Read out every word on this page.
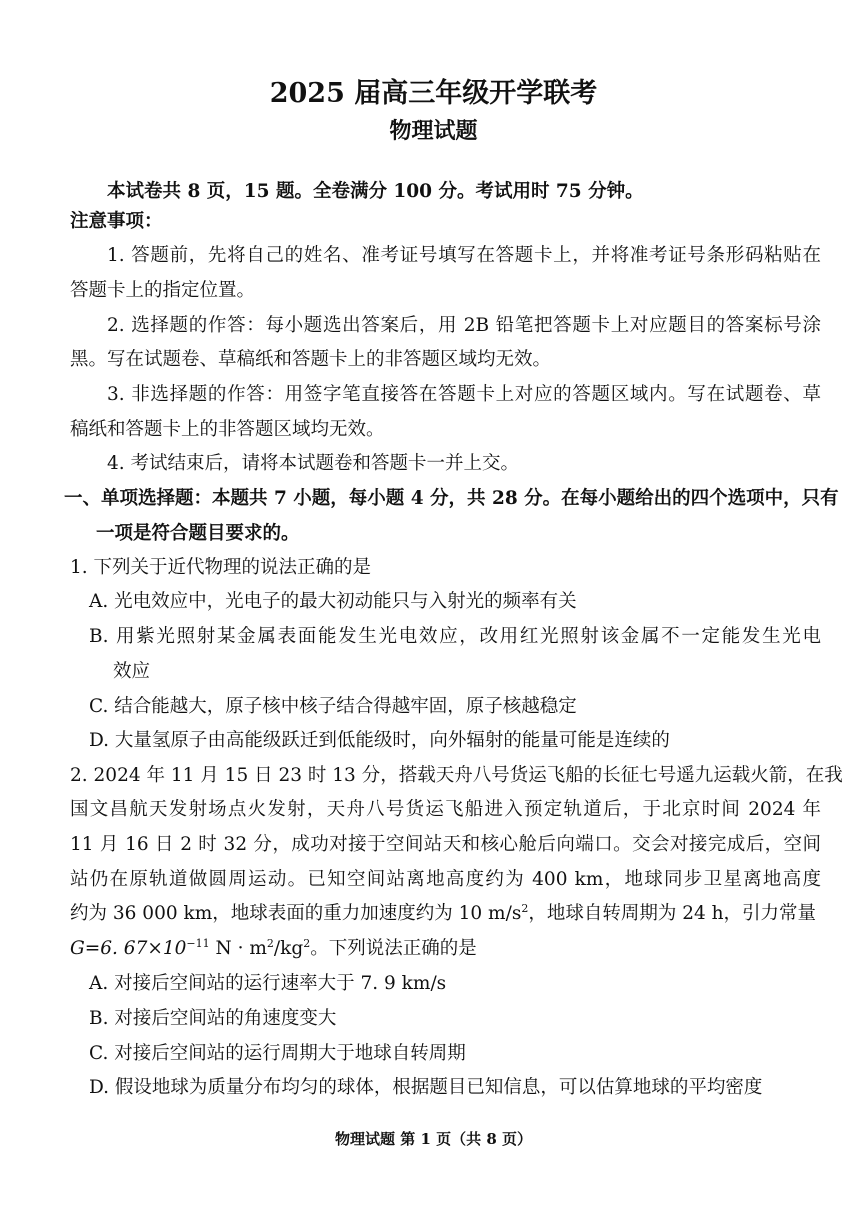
2025 届高三年级开学联考
物理试题
本试卷共 8 页，15 题。全卷满分 100 分。考试用时 75 分钟。
注意事项：
1. 答题前，先将自己的姓名、准考证号填写在答题卡上，并将准考证号条形码粘贴在
答题卡上的指定位置。
2. 选择题的作答：每小题选出答案后，用 2B 铅笔把答题卡上对应题目的答案标号涂
黑。写在试题卷、草稿纸和答题卡上的非答题区域均无效。
3. 非选择题的作答：用签字笔直接答在答题卡上对应的答题区域内。写在试题卷、草
稿纸和答题卡上的非答题区域均无效。
4. 考试结束后，请将本试题卷和答题卡一并上交。
一、单项选择题：本题共 7 小题，每小题 4 分，共 28 分。在每小题给出的四个选项中，只有
一项是符合题目要求的。
1. 下列关于近代物理的说法正确的是
A. 光电效应中，光电子的最大初动能只与入射光的频率有关
B. 用紫光照射某金属表面能发生光电效应，改用红光照射该金属不一定能发生光电
效应
C. 结合能越大，原子核中核子结合得越牢固，原子核越稳定
D. 大量氢原子由高能级跃迁到低能级时，向外辐射的能量可能是连续的
2. 2024 年 11 月 15 日 23 时 13 分，搭载天舟八号货运飞船的长征七号遥九运载火箭，在我
国文昌航天发射场点火发射，天舟八号货运飞船进入预定轨道后，于北京时间 2024 年
11 月 16 日 2 时 32 分，成功对接于空间站天和核心舱后向端口。交会对接完成后，空间
站仍在原轨道做圆周运动。已知空间站离地高度约为 400 km，地球同步卫星离地高度
约为 36 000 km，地球表面的重力加速度约为 10 $m/s^2$，地球自转周期为 24 h，引力常量
G=6. $67\times 10^{-11}$ $N \cdot m^2/kg^2$。下列说法正确的是
A. 对接后空间站的运行速率大于 7. 9 km/s
B. 对接后空间站的角速度变大
C. 对接后空间站的运行周期大于地球自转周期
D. 假设地球为质量分布均匀的球体，根据题目已知信息，可以估算地球的平均密度
物理试题 第 1 页（共 8 页）
